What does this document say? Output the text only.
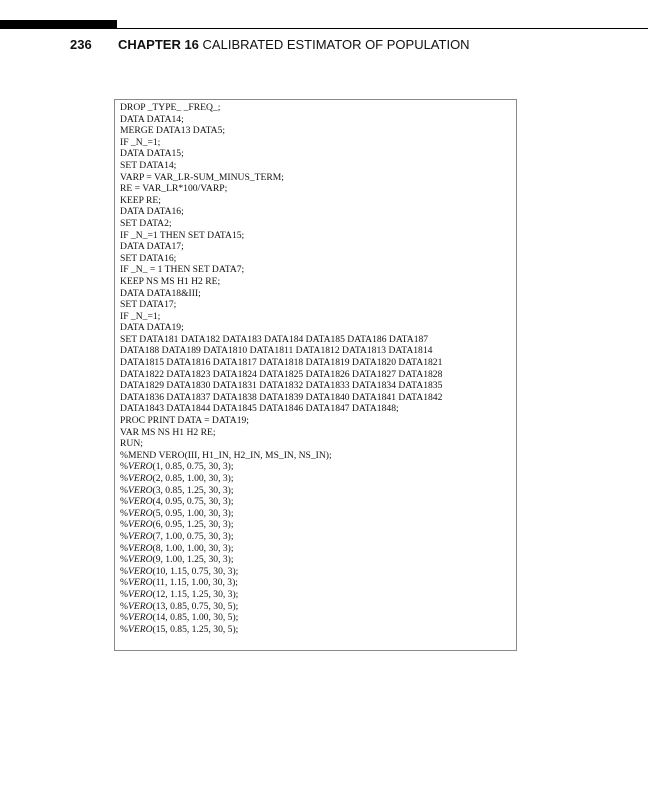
236 CHAPTER 16 CALIBRATED ESTIMATOR OF POPULATION
DROP _TYPE_ _FREQ_;
DATA DATA14;
MERGE DATA13 DATA5;
IF _N_=1;
DATA DATA15;
SET DATA14;
VARP = VAR_LR-SUM_MINUS_TERM;
RE = VAR_LR*100/VARP;
KEEP RE;
DATA DATA16;
SET DATA2;
IF _N_=1 THEN SET DATA15;
DATA DATA17;
SET DATA16;
IF _N_ = 1 THEN SET DATA7;
KEEP NS MS H1 H2 RE;
DATA DATA18&III;
SET DATA17;
IF _N_=1;
DATA DATA19;
SET DATA181 DATA182 DATA183 DATA184 DATA185 DATA186 DATA187
DATA188 DATA189 DATA1810 DATA1811 DATA1812 DATA1813 DATA1814
DATA1815 DATA1816 DATA1817 DATA1818 DATA1819 DATA1820 DATA1821
DATA1822 DATA1823 DATA1824 DATA1825 DATA1826 DATA1827 DATA1828
DATA1829 DATA1830 DATA1831 DATA1832 DATA1833 DATA1834 DATA1835
DATA1836 DATA1837 DATA1838 DATA1839 DATA1840 DATA1841 DATA1842
DATA1843 DATA1844 DATA1845 DATA1846 DATA1847 DATA1848;
PROC PRINT DATA = DATA19;
VAR MS NS H1 H2 RE;
RUN;
%MEND VERO(III, H1_IN, H2_IN, MS_IN, NS_IN);
%VERO(1, 0.85, 0.75, 30, 3);
%VERO(2, 0.85, 1.00, 30, 3);
%VERO(3, 0.85, 1.25, 30, 3);
%VERO(4, 0.95, 0.75, 30, 3);
%VERO(5, 0.95, 1.00, 30, 3);
%VERO(6, 0.95, 1.25, 30, 3);
%VERO(7, 1.00, 0.75, 30, 3);
%VERO(8, 1.00, 1.00, 30, 3);
%VERO(9, 1.00, 1.25, 30, 3);
%VERO(10, 1.15, 0.75, 30, 3);
%VERO(11, 1.15, 1.00, 30, 3);
%VERO(12, 1.15, 1.25, 30, 3);
%VERO(13, 0.85, 0.75, 30, 5);
%VERO(14, 0.85, 1.00, 30, 5);
%VERO(15, 0.85, 1.25, 30, 5);
